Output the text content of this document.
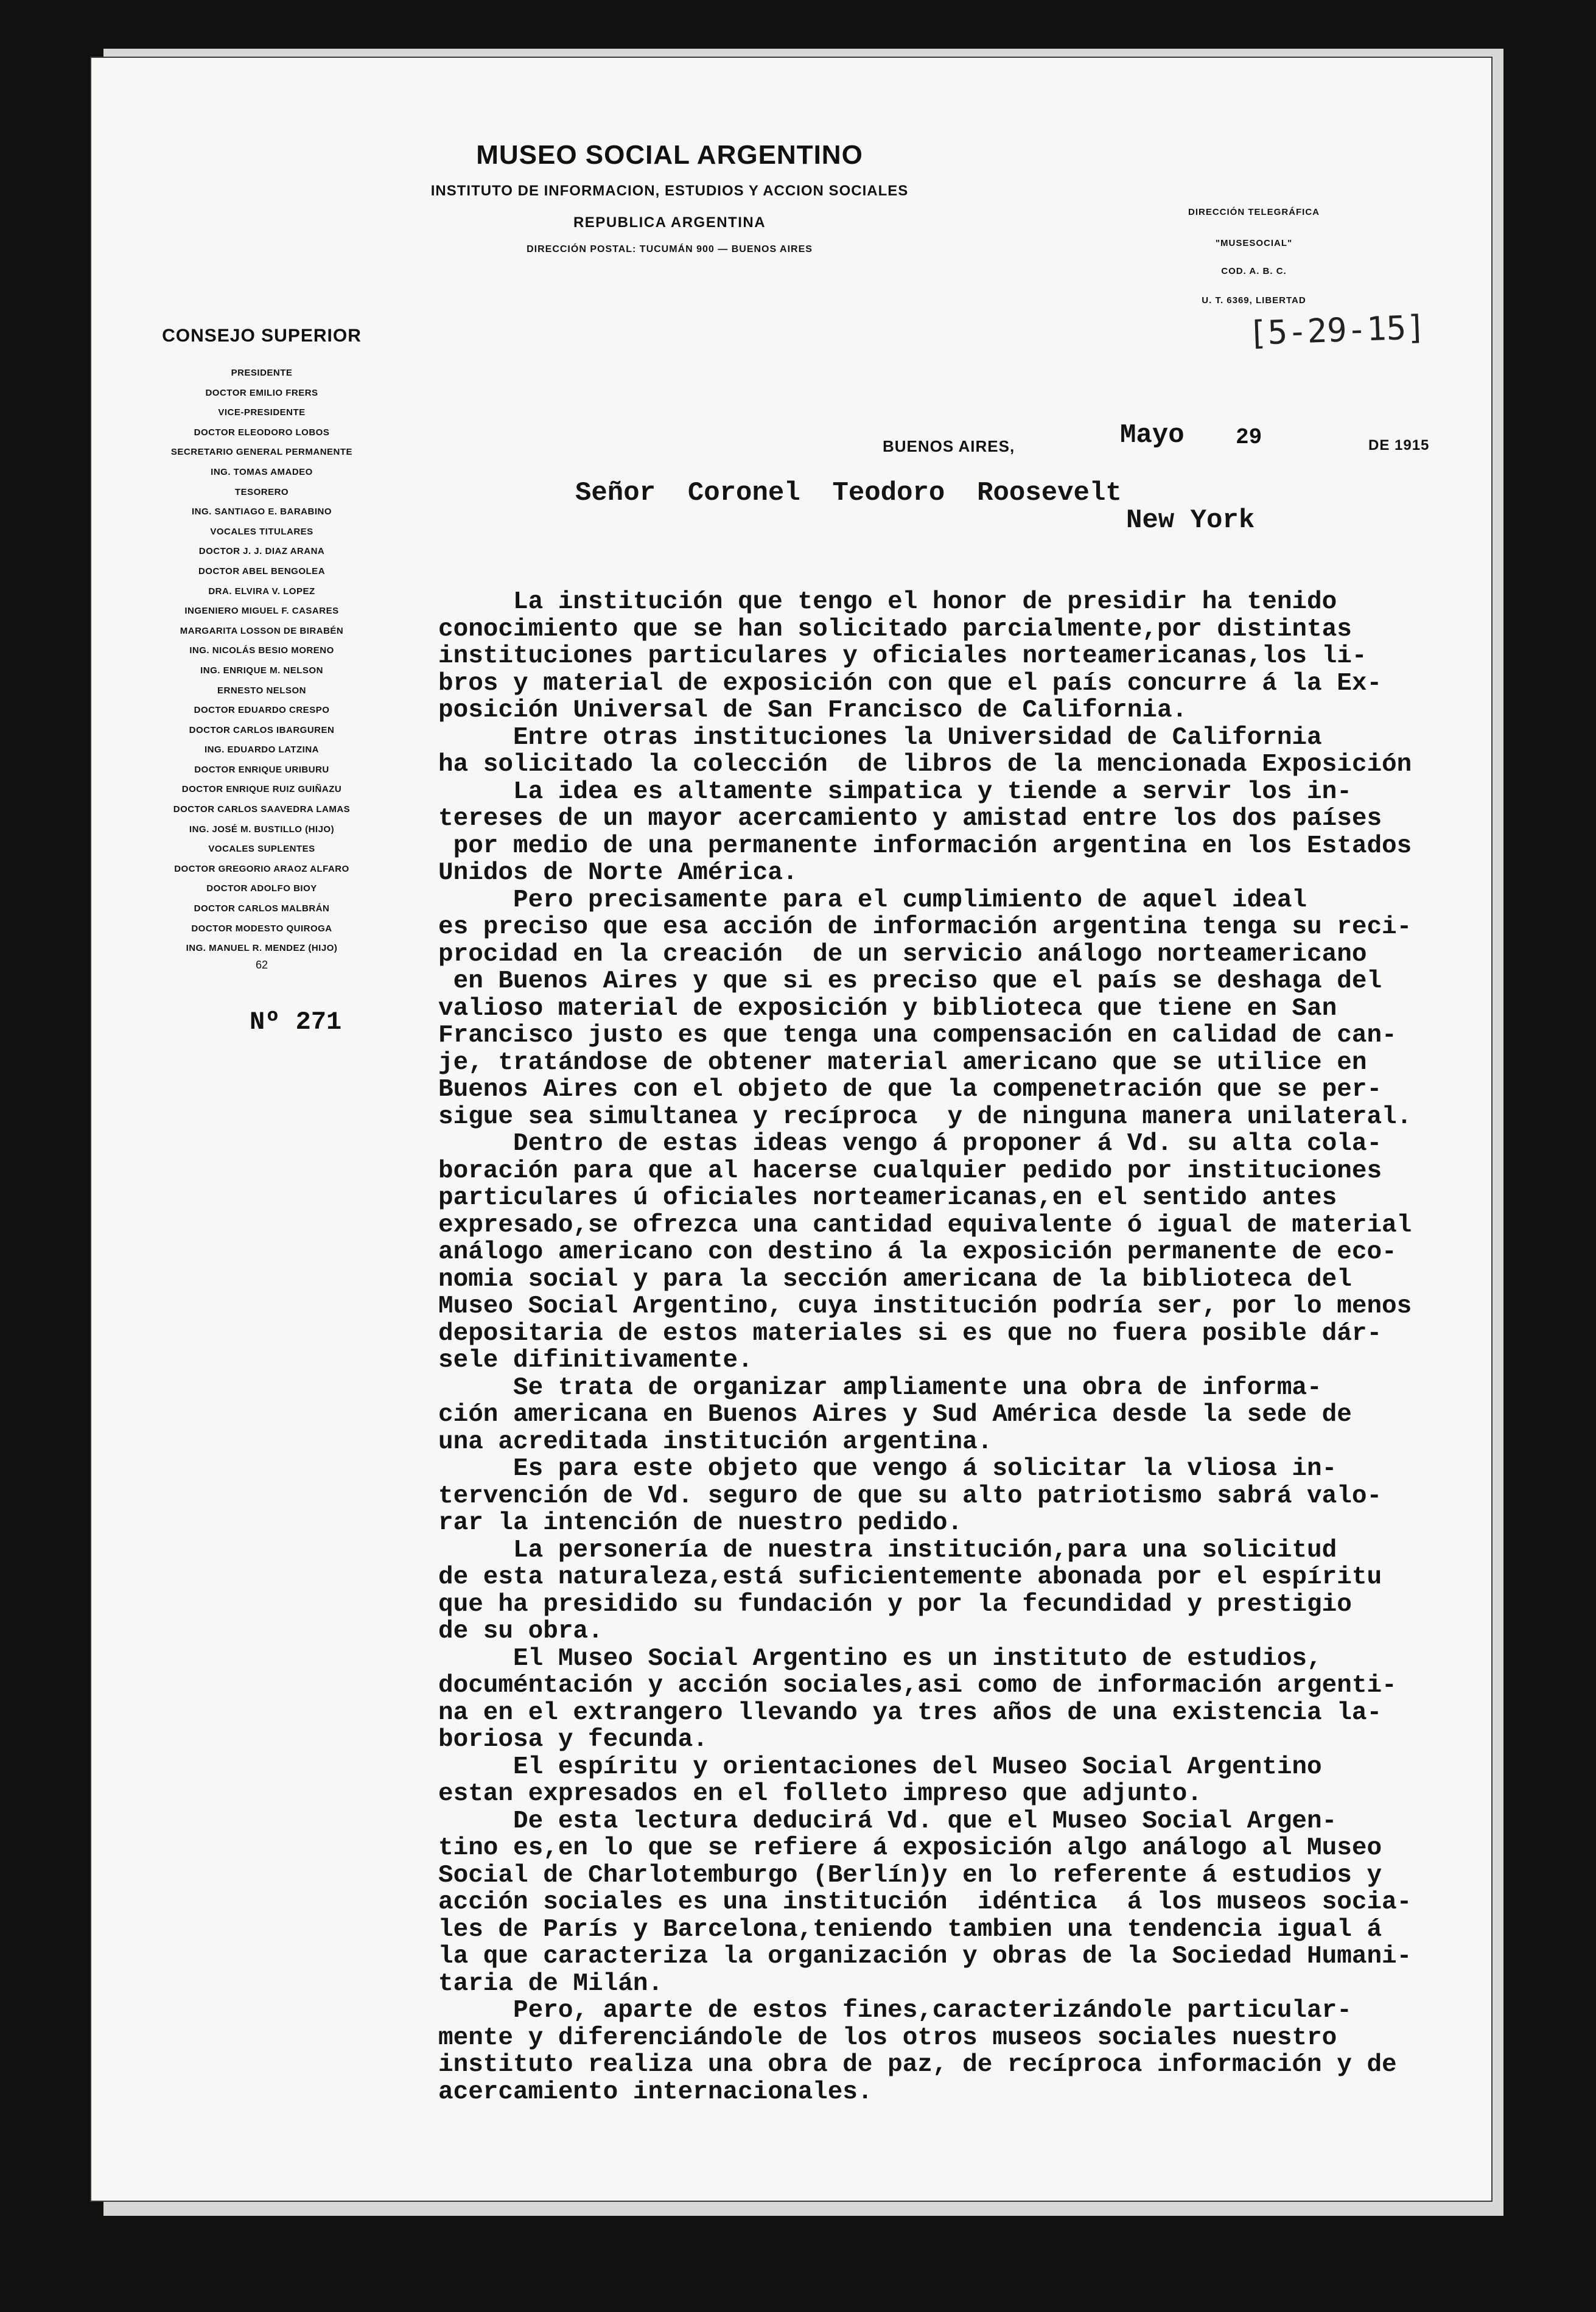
MUSEO SOCIAL ARGENTINO
INSTITUTO DE INFORMACION, ESTUDIOS Y ACCION SOCIALES
REPUBLICA ARGENTINA
DIRECCIÓN POSTAL: TUCUMÁN 900 — BUENOS AIRES
DIRECCIÓN TELEGRÁFICA
"MUSESOCIAL"
COD. A. B. C.
U. T. 6369, LIBERTAD
[5-29-15]
CONSEJO SUPERIOR
PRESIDENTE
DOCTOR EMILIO FRERS
VICE-PRESIDENTE
DOCTOR ELEODORO LOBOS
SECRETARIO GENERAL PERMANENTE
ING. TOMAS AMADEO
TESORERO
ING. SANTIAGO E. BARABINO
VOCALES TITULARES
DOCTOR J. J. DIAZ ARANA
DOCTOR ABEL BENGOLEA
DRA. ELVIRA V. LOPEZ
INGENIERO MIGUEL F. CASARES
MARGARITA LOSSON DE BIRABÉN
ING. NICOLÁS BESIO MORENO
ING. ENRIQUE M. NELSON
ERNESTO NELSON
DOCTOR EDUARDO CRESPO
DOCTOR CARLOS IBARGUREN
ING. EDUARDO LATZINA
DOCTOR ENRIQUE URIBURU
DOCTOR ENRIQUE RUIZ GUIÑAZU
DOCTOR CARLOS SAAVEDRA LAMAS
ING. JOSÉ M. BUSTILLO (HIJO)
VOCALES SUPLENTES
DOCTOR GREGORIO ARAOZ ALFARO
DOCTOR ADOLFO BIOY
DOCTOR CARLOS MALBRÁN
DOCTOR MODESTO QUIROGA
ING. MANUEL R. MENDEZ (HIJO)
62
Nº 271
BUENOS AIRES,	Mayo 29	DE 1915
Señor  Coronel  Teodoro  Roosevelt
New York
La institución que tengo el honor de presidir ha tenido
conocimiento que se han solicitado parcialmente,por distintas
instituciones particulares y oficiales norteamericanas,los li-
bros y material de exposición con que el país concurre á la Ex-
posición Universal de San Francisco de California.
Entre otras instituciones la Universidad de California
ha solicitado la colección  de libros de la mencionada Exposición
La idea es altamente simpatica y tiende a servir los in-
tereses de un mayor acercamiento y amistad entre los dos países
por medio de una permanente información argentina en los Estados
Unidos de Norte América.
Pero precisamente para el cumplimiento de aquel ideal
es preciso que esa acción de información argentina tenga su reci-
procidad en la creación  de un servicio análogo norteamericano
en Buenos Aires y que si es preciso que el país se deshaga del
valioso material de exposición y biblioteca que tiene en San
Francisco justo es que tenga una compensación en calidad de can-
je, tratándose de obtener material americano que se utilice en
Buenos Aires con el objeto de que la compenetración que se per-
sigue sea simultanea y recíproca  y de ninguna manera unilateral.
Dentro de estas ideas vengo á proponer á Vd. su alta cola-
boración para que al hacerse cualquier pedido por instituciones
particulares ú oficiales norteamericanas,en el sentido antes
expresado,se ofrezca una cantidad equivalente ó igual de material
análogo americano con destino á la exposición permanente de eco-
nomia social y para la sección americana de la biblioteca del
Museo Social Argentino, cuya institución podría ser, por lo menos
depositaria de estos materiales si es que no fuera posible dár-
sele difinitivamente.
Se trata de organizar ampliamente una obra de informa-
ción americana en Buenos Aires y Sud América desde la sede de
una acreditada institución argentina.
Es para este objeto que vengo á solicitar la vliosa in-
tervención de Vd. seguro de que su alto patriotismo sabrá valo-
rar la intención de nuestro pedido.
La personería de nuestra institución,para una solicitud
de esta naturaleza,está suficientemente abonada por el espíritu
que ha presidido su fundación y por la fecundidad y prestigio
de su obra.
El Museo Social Argentino es un instituto de estudios,
documéntación y acción sociales,asi como de información argenti-
na en el extrangero llevando ya tres años de una existencia la-
boriosa y fecunda.
El espíritu y orientaciones del Museo Social Argentino
estan expresados en el folleto impreso que adjunto.
De esta lectura deducirá Vd. que el Museo Social Argen-
tino es,en lo que se refiere á exposición algo análogo al Museo
Social de Charlotemburgo (Berlín)y en lo referente á estudios y
acción sociales es una institución  idéntica  á los museos socia-
les de París y Barcelona,teniendo tambien una tendencia igual á
la que caracteriza la organización y obras de la Sociedad Humani-
taria de Milán.
Pero, aparte de estos fines,caracterizándole particular-
mente y diferenciándole de los otros museos sociales nuestro
instituto realiza una obra de paz, de recíproca información y de
acercamiento internacionales.
